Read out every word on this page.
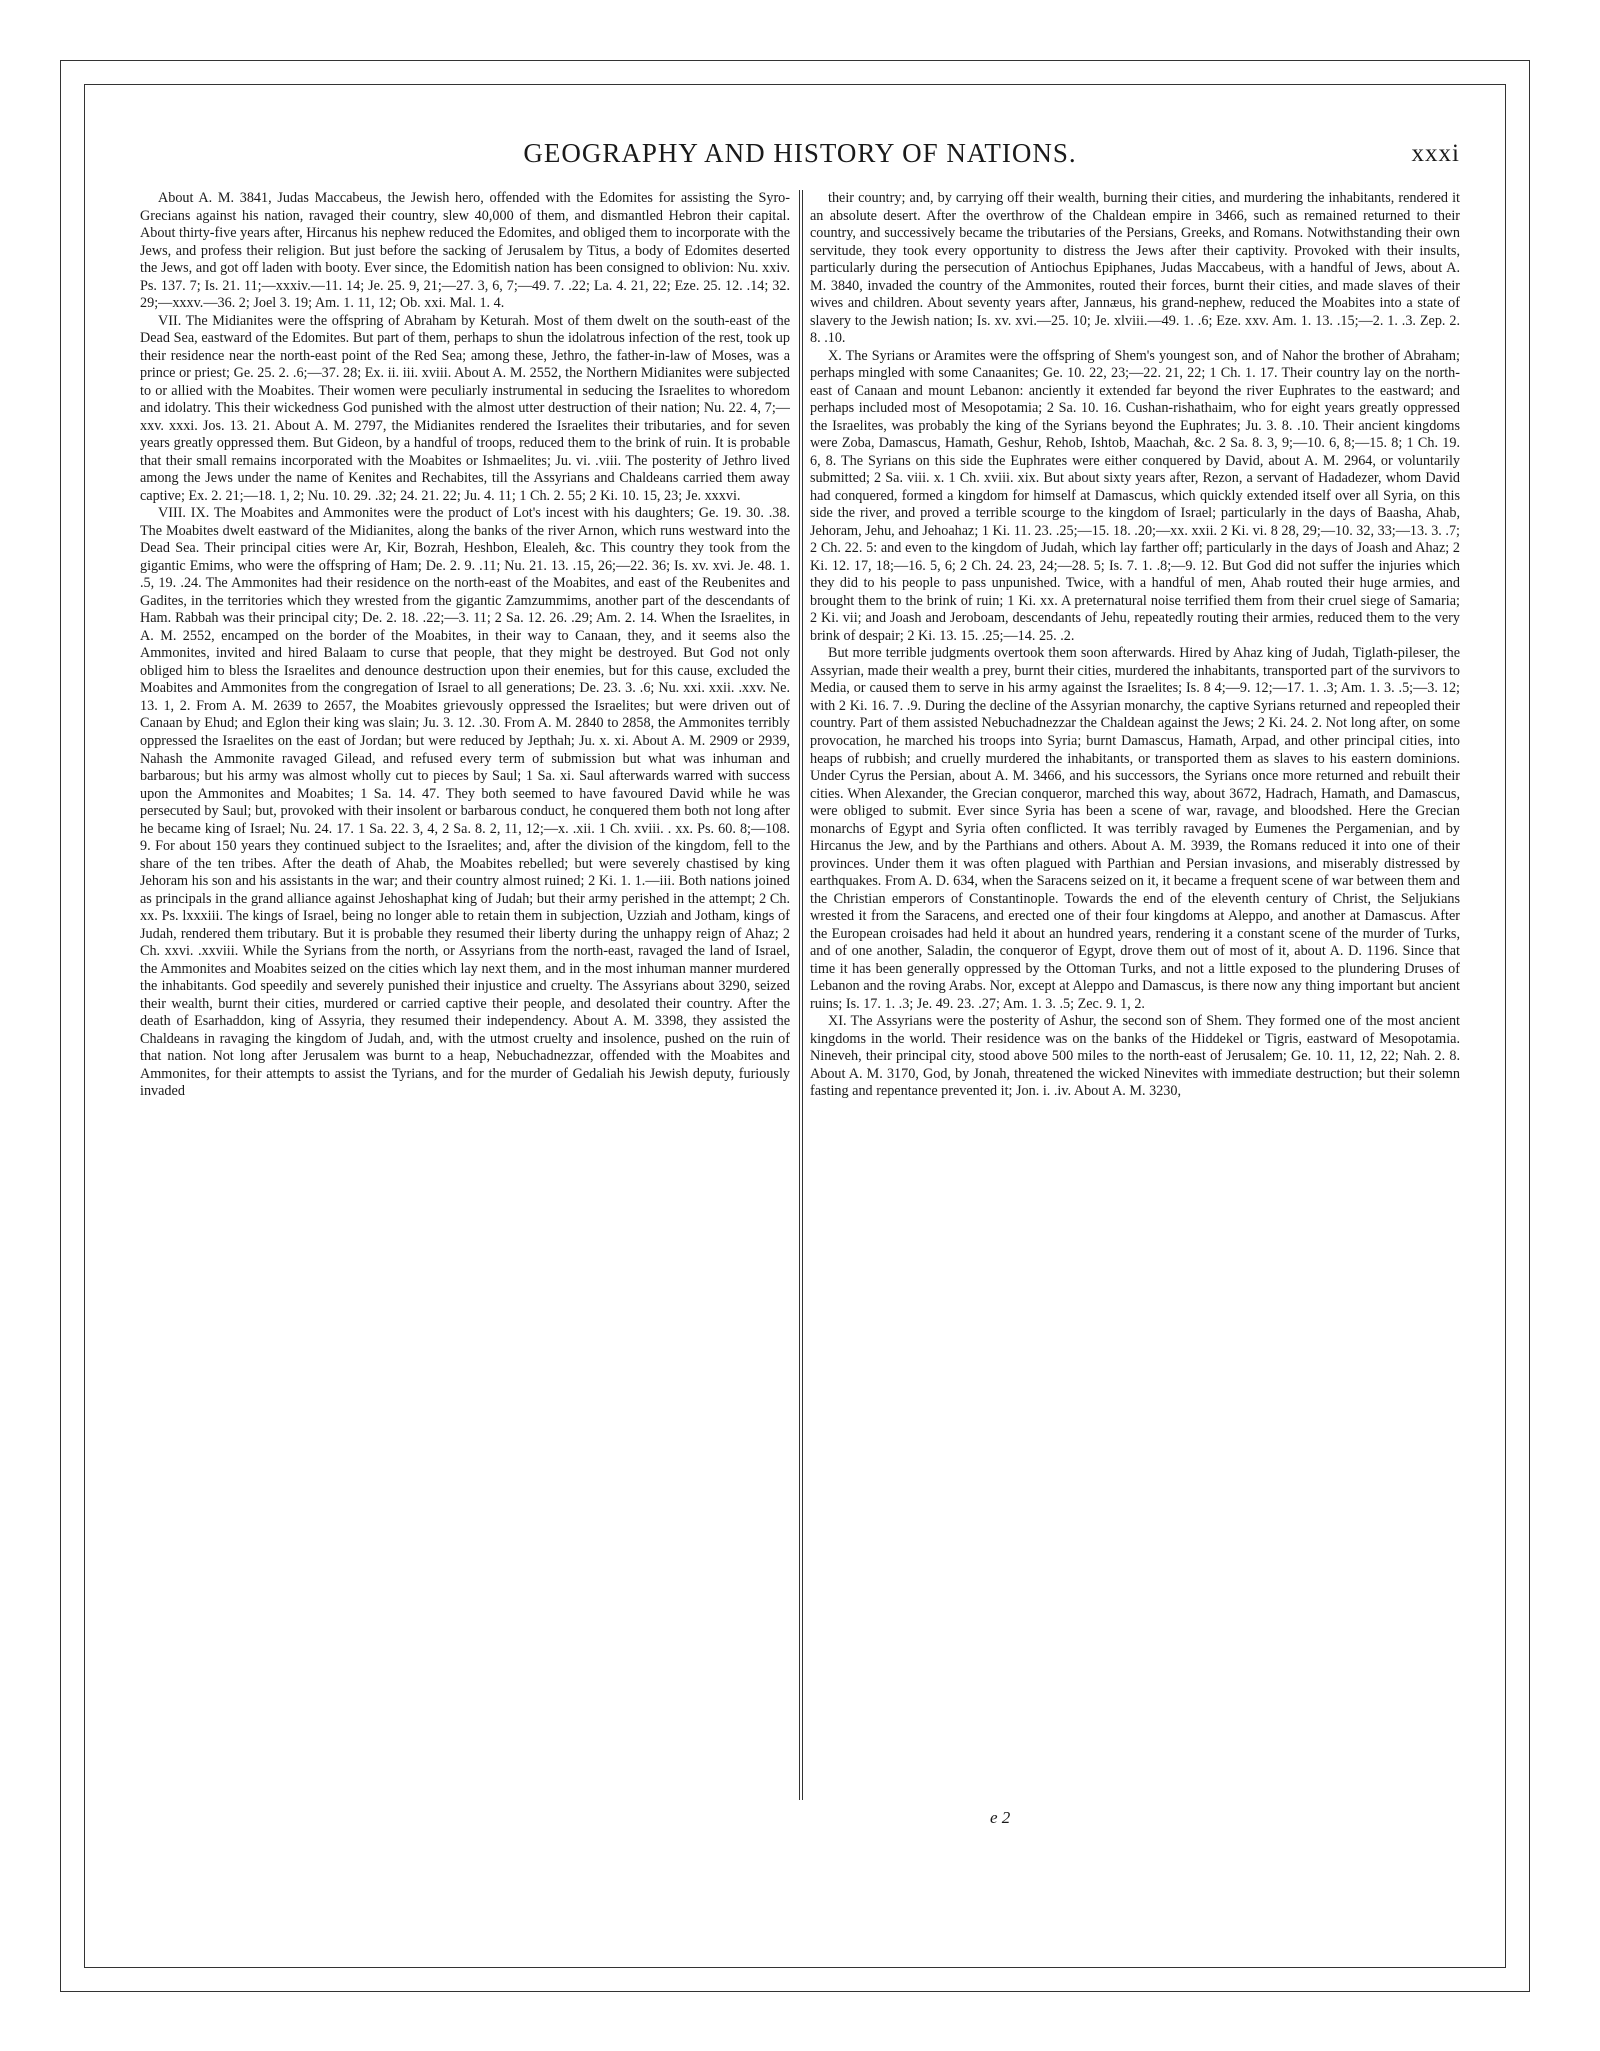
GEOGRAPHY AND HISTORY OF NATIONS.	xxxi

About A. M. 3841, Judas Maccabeus, the Jewish hero, offended with the Edomites for assisting the Syro-Grecians against his nation, ravaged their country, slew 40,000 of them, and dismantled Hebron their capital. About thirty-five years after, Hircanus his nephew reduced the Edomites, and obliged them to incorporate with the Jews, and profess their religion. But just before the sacking of Jerusalem by Titus, a body of Edomites deserted the Jews, and got off laden with booty. Ever since, the Edomitish nation has been consigned to oblivion: Nu. xxiv. Ps. 137. 7; Is. 21. 11;—xxxiv.—11. 14; Je. 25. 9, 21;—27. 3, 6, 7;—49. 7. .22; La. 4. 21, 22; Eze. 25. 12. .14; 32. 29;—xxxv.—36. 2; Joel 3. 19; Am. 1. 11, 12; Ob. xxi. Mal. 1. 4.

VII. The Midianites were the offspring of Abraham by Keturah. Most of them dwelt on the south-east of the Dead Sea, eastward of the Edomites. But part of them, perhaps to shun the idolatrous infection of the rest, took up their residence near the north-east point of the Red Sea; among these, Jethro, the father-in-law of Moses, was a prince or priest; Ge. 25. 2. .6;—37. 28; Ex. ii. iii. xviii. About A. M. 2552, the Northern Midianites were subjected to or allied with the Moabites. Their women were peculiarly instrumental in seducing the Israelites to whoredom and idolatry. This their wickedness God punished with the almost utter destruction of their nation; Nu. 22. 4, 7;—xxv. xxxi. Jos. 13. 21. About A. M. 2797, the Midianites rendered the Israelites their tributaries, and for seven years greatly oppressed them. But Gideon, by a handful of troops, reduced them to the brink of ruin. It is probable that their small remains incorporated with the Moabites or Ishmaelites; Ju. vi. .viii. The posterity of Jethro lived among the Jews under the name of Kenites and Rechabites, till the Assyrians and Chaldeans carried them away captive; Ex. 2. 21;—18. 1, 2; Nu. 10. 29. .32; 24. 21. 22; Ju. 4. 11; 1 Ch. 2. 55; 2 Ki. 10. 15, 23; Je. xxxvi.

VIII. IX. The Moabites and Ammonites were the product of Lot's incest with his daughters; Ge. 19. 30. .38. The Moabites dwelt eastward of the Midianites, along the banks of the river Arnon, which runs westward into the Dead Sea. Their principal cities were Ar, Kir, Bozrah, Heshbon, Elealeh, &c. This country they took from the gigantic Emims, who were the offspring of Ham; De. 2. 9. .11; Nu. 21. 13. .15, 26;—22. 36; Is. xv. xvi. Je. 48. 1. .5, 19. .24. The Ammonites had their residence on the north-east of the Moabites, and east of the Reubenites and Gadites, in the territories which they wrested from the gigantic Zamzummims, another part of the descendants of Ham. Rabbah was their principal city; De. 2. 18. .22;—3. 11; 2 Sa. 12. 26. .29; Am. 2. 14. When the Israelites, in A. M. 2552, encamped on the border of the Moabites, in their way to Canaan, they, and it seems also the Ammonites, invited and hired Balaam to curse that people, that they might be destroyed. But God not only obliged him to bless the Israelites and denounce destruction upon their enemies, but for this cause, excluded the Moabites and Ammonites from the congregation of Israel to all generations; De. 23. 3. .6; Nu. xxi. xxii. .xxv. Ne. 13. 1, 2. From A. M. 2639 to 2657, the Moabites grievously oppressed the Israelites; but were driven out of Canaan by Ehud; and Eglon their king was slain; Ju. 3. 12. .30. From A. M. 2840 to 2858, the Ammonites terribly oppressed the Israelites on the east of Jordan; but were reduced by Jepthah; Ju. x. xi. About A. M. 2909 or 2939, Nahash the Ammonite ravaged Gilead, and refused every term of submission but what was inhuman and barbarous; but his army was almost wholly cut to pieces by Saul; 1 Sa. xi. Saul afterwards warred with success upon the Ammonites and Moabites; 1 Sa. 14. 47. They both seemed to have favoured David while he was persecuted by Saul; but, provoked with their insolent or barbarous conduct, he conquered them both not long after he became king of Israel; Nu. 24. 17. 1 Sa. 22. 3, 4, 2 Sa. 8. 2, 11, 12;—x. .xii. 1 Ch. xviii. . xx. Ps. 60. 8;—108. 9. For about 150 years they continued subject to the Israelites; and, after the division of the kingdom, fell to the share of the ten tribes. After the death of Ahab, the Moabites rebelled; but were severely chastised by king Jehoram his son and his assistants in the war; and their country almost ruined; 2 Ki. 1. 1.—iii. Both nations joined as principals in the grand alliance against Jehoshaphat king of Judah; but their army perished in the attempt; 2 Ch. xx. Ps. lxxxiii. The kings of Israel, being no longer able to retain them in subjection, Uzziah and Jotham, kings of Judah, rendered them tributary. But it is probable they resumed their liberty during the unhappy reign of Ahaz; 2 Ch. xxvi. .xxviii. While the Syrians from the north, or Assyrians from the north-east, ravaged the land of Israel, the Ammonites and Moabites seized on the cities which lay next them, and in the most inhuman manner murdered the inhabitants. God speedily and severely punished their injustice and cruelty. The Assyrians about 3290, seized their wealth, burnt their cities, murdered or carried captive their people, and desolated their country. After the death of Esarhaddon, king of Assyria, they resumed their independency. About A. M. 3398, they assisted the Chaldeans in ravaging the kingdom of Judah, and, with the utmost cruelty and insolence, pushed on the ruin of that nation. Not long after Jerusalem was burnt to a heap, Nebuchadnezzar, offended with the Moabites and Ammonites, for their attempts to assist the Tyrians, and for the murder of Gedaliah his Jewish deputy, furiously invaded

their country; and, by carrying off their wealth, burning their cities, and murdering the inhabitants, rendered it an absolute desert. After the overthrow of the Chaldean empire in 3466, such as remained returned to their country, and successively became the tributaries of the Persians, Greeks, and Romans. Notwithstanding their own servitude, they took every opportunity to distress the Jews after their captivity. Provoked with their insults, particularly during the persecution of Antiochus Epiphanes, Judas Maccabeus, with a handful of Jews, about A. M. 3840, invaded the country of the Ammonites, routed their forces, burnt their cities, and made slaves of their wives and children. About seventy years after, Jannæus, his grand-nephew, reduced the Moabites into a state of slavery to the Jewish nation; Is. xv. xvi.—25. 10; Je. xlviii.—49. 1. .6; Eze. xxv. Am. 1. 13. .15;—2. 1. .3. Zep. 2. 8. .10.

X. The Syrians or Aramites were the offspring of Shem's youngest son, and of Nahor the brother of Abraham; perhaps mingled with some Canaanites; Ge. 10. 22, 23;—22. 21, 22; 1 Ch. 1. 17. Their country lay on the north-east of Canaan and mount Lebanon: anciently it extended far beyond the river Euphrates to the eastward; and perhaps included most of Mesopotamia; 2 Sa. 10. 16. Cushan-rishathaim, who for eight years greatly oppressed the Israelites, was probably the king of the Syrians beyond the Euphrates; Ju. 3. 8. .10. Their ancient kingdoms were Zoba, Damascus, Hamath, Geshur, Rehob, Ishtob, Maachah, &c. 2 Sa. 8. 3, 9;—10. 6, 8;—15. 8; 1 Ch. 19. 6, 8. The Syrians on this side the Euphrates were either conquered by David, about A. M. 2964, or voluntarily submitted; 2 Sa. viii. x. 1 Ch. xviii. xix. But about sixty years after, Rezon, a servant of Hadadezer, whom David had conquered, formed a kingdom for himself at Damascus, which quickly extended itself over all Syria, on this side the river, and proved a terrible scourge to the kingdom of Israel; particularly in the days of Baasha, Ahab, Jehoram, Jehu, and Jehoahaz; 1 Ki. 11. 23. .25;—15. 18. .20;—xx. xxii. 2 Ki. vi. 8 28, 29;—10. 32, 33;—13. 3. .7; 2 Ch. 22. 5: and even to the kingdom of Judah, which lay farther off; particularly in the days of Joash and Ahaz; 2 Ki. 12. 17, 18;—16. 5, 6; 2 Ch. 24. 23, 24;—28. 5; Is. 7. 1. .8;—9. 12. But God did not suffer the injuries which they did to his people to pass unpunished. Twice, with a handful of men, Ahab routed their huge armies, and brought them to the brink of ruin; 1 Ki. xx. A preternatural noise terrified them from their cruel siege of Samaria; 2 Ki. vii; and Joash and Jeroboam, descendants of Jehu, repeatedly routing their armies, reduced them to the very brink of despair; 2 Ki. 13. 15. .25;—14. 25. .2.

But more terrible judgments overtook them soon afterwards. Hired by Ahaz king of Judah, Tiglath-pileser, the Assyrian, made their wealth a prey, burnt their cities, murdered the inhabitants, transported part of the survivors to Media, or caused them to serve in his army against the Israelites; Is. 8 4;—9. 12;—17. 1. .3; Am. 1. 3. .5;—3. 12; with 2 Ki. 16. 7. .9. During the decline of the Assyrian monarchy, the captive Syrians returned and repeopled their country. Part of them assisted Nebuchadnezzar the Chaldean against the Jews; 2 Ki. 24. 2. Not long after, on some provocation, he marched his troops into Syria; burnt Damascus, Hamath, Arpad, and other principal cities, into heaps of rubbish; and cruelly murdered the inhabitants, or transported them as slaves to his eastern dominions. Under Cyrus the Persian, about A. M. 3466, and his successors, the Syrians once more returned and rebuilt their cities. When Alexander, the Grecian conqueror, marched this way, about 3672, Hadrach, Hamath, and Damascus, were obliged to submit. Ever since Syria has been a scene of war, ravage, and bloodshed. Here the Grecian monarchs of Egypt and Syria often conflicted. It was terribly ravaged by Eumenes the Pergamenian, and by Hircanus the Jew, and by the Parthians and others. About A. M. 3939, the Romans reduced it into one of their provinces. Under them it was often plagued with Parthian and Persian invasions, and miserably distressed by earthquakes. From A. D. 634, when the Saracens seized on it, it became a frequent scene of war between them and the Christian emperors of Constantinople. Towards the end of the eleventh century of Christ, the Seljukians wrested it from the Saracens, and erected one of their four kingdoms at Aleppo, and another at Damascus. After the European croisades had held it about an hundred years, rendering it a constant scene of the murder of Turks, and of one another, Saladin, the conqueror of Egypt, drove them out of most of it, about A. D. 1196. Since that time it has been generally oppressed by the Ottoman Turks, and not a little exposed to the plundering Druses of Lebanon and the roving Arabs. Nor, except at Aleppo and Damascus, is there now any thing important but ancient ruins; Is. 17. 1. .3; Je. 49. 23. .27; Am. 1. 3. .5; Zec. 9. 1, 2.

XI. The Assyrians were the posterity of Ashur, the second son of Shem. They formed one of the most ancient kingdoms in the world. Their residence was on the banks of the Hiddekel or Tigris, eastward of Mesopotamia. Nineveh, their principal city, stood above 500 miles to the north-east of Jerusalem; Ge. 10. 11, 12, 22; Nah. 2. 8. About A. M. 3170, God, by Jonah, threatened the wicked Ninevites with immediate destruction; but their solemn fasting and repentance prevented it; Jon. i. .iv. About A. M. 3230,

e 2
